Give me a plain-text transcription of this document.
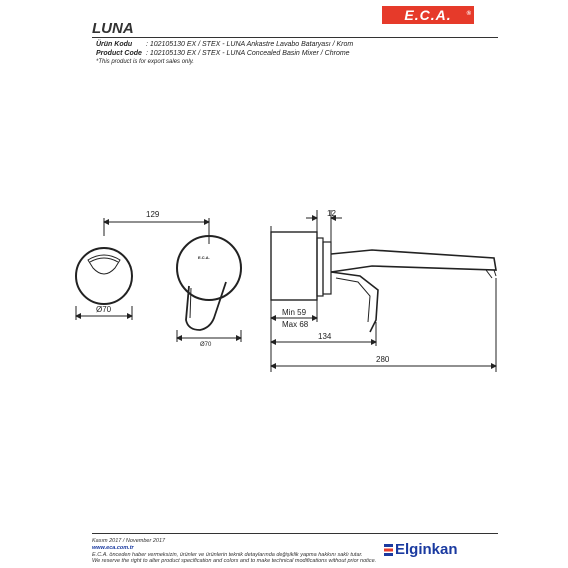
LUNA
E.C.A. ®
Ürün Kodu : 102105130 EX / STEX - LUNA Ankastre Lavabo Bataryası / Krom
Product Code : 102105130 EX / STEX - LUNA Concealed Basin Mixer / Chrome
*This product is for export sales only.
129	12
Ø70
Ø70
E.C.A.
Min 59
Max 68
134
280
Kasım 2017 / November 2017
www.eca.com.tr
E.C.A. önceden haber vermeksizin, ürünler ve ürünlerin teknik detaylarında değişiklik yapma hakkını saklı tutar.
We reserve the right to alter product specification and colors and to make technical modifications without prior notice.
Elginkan
